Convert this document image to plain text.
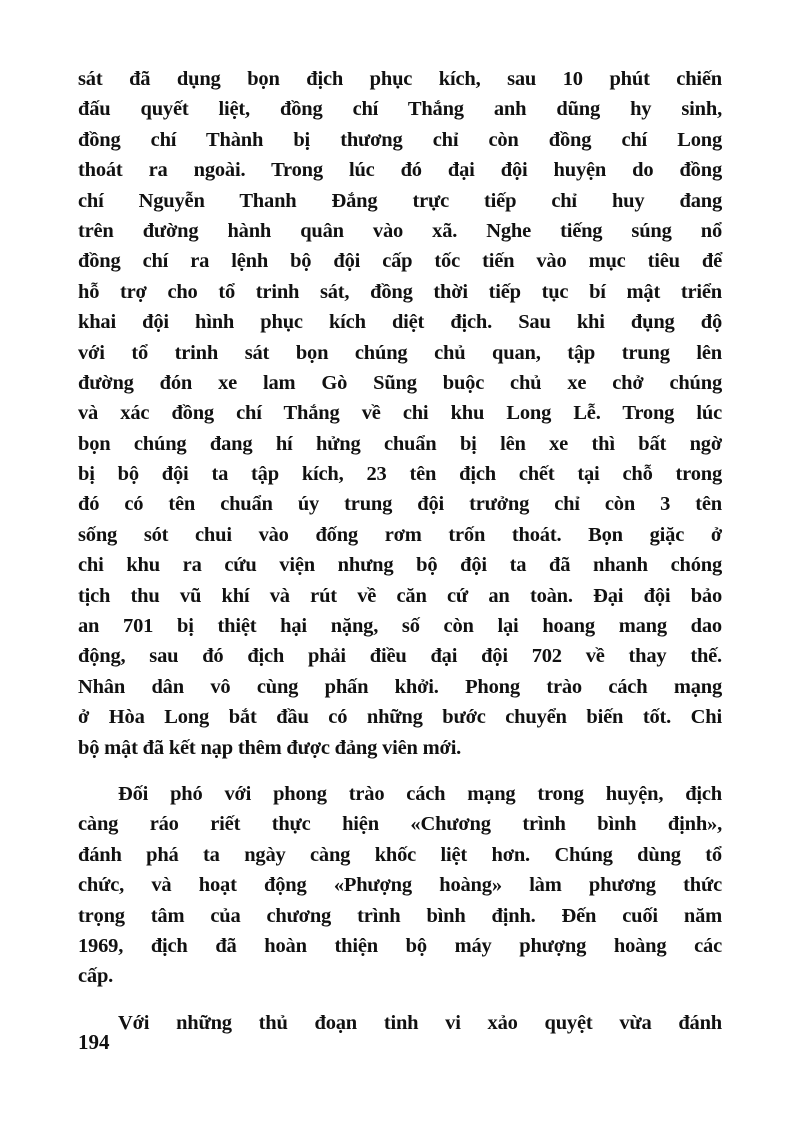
sát đã dụng bọn địch phục kích, sau 10 phút chiến
đấu quyết liệt, đồng chí Thắng anh dũng hy sinh,
đồng chí Thành bị thương chỉ còn đồng chí Long
thoát ra ngoài. Trong lúc đó đại đội huyện do đồng
chí Nguyễn Thanh Đắng trực tiếp chỉ huy đang
trên đường hành quân vào xã. Nghe tiếng súng nổ
đồng chí ra lệnh bộ đội cấp tốc tiến vào mục tiêu để
hỗ trợ cho tổ trinh sát, đồng thời tiếp tục bí mật triển
khai đội hình phục kích diệt địch. Sau khi đụng độ
với tổ trinh sát bọn chúng chủ quan, tập trung lên
đường đón xe lam Gò Sũng buộc chủ xe chở chúng
và xác đồng chí Thắng về chi khu Long Lễ. Trong lúc
bọn chúng đang hí hửng chuẩn bị lên xe thì bất ngờ
bị bộ đội ta tập kích, 23 tên địch chết tại chỗ trong
đó có tên chuẩn úy trung đội trưởng chỉ còn 3 tên
sống sót chui vào đống rơm trốn thoát. Bọn giặc ở
chi khu ra cứu viện nhưng bộ đội ta đã nhanh chóng
tịch thu vũ khí và rút về căn cứ an toàn. Đại đội bảo
an 701 bị thiệt hại nặng, số còn lại hoang mang dao
động, sau đó địch phải điều đại đội 702 về thay thế.
Nhân dân vô cùng phấn khởi. Phong trào cách mạng
ở Hòa Long bắt đầu có những bước chuyển biến tốt. Chi
bộ mật đã kết nạp thêm được đảng viên mới.
Đối phó với phong trào cách mạng trong huyện, địch
càng ráo riết thực hiện «Chương trình bình định»,
đánh phá ta ngày càng khốc liệt hơn. Chúng dùng tổ
chức, và hoạt động «Phượng hoàng» làm phương thức
trọng tâm của chương trình bình định. Đến cuối năm
1969, địch đã hoàn thiện bộ máy phượng hoàng các
cấp.
Với những thủ đoạn tinh vi xảo quyệt vừa đánh
194
